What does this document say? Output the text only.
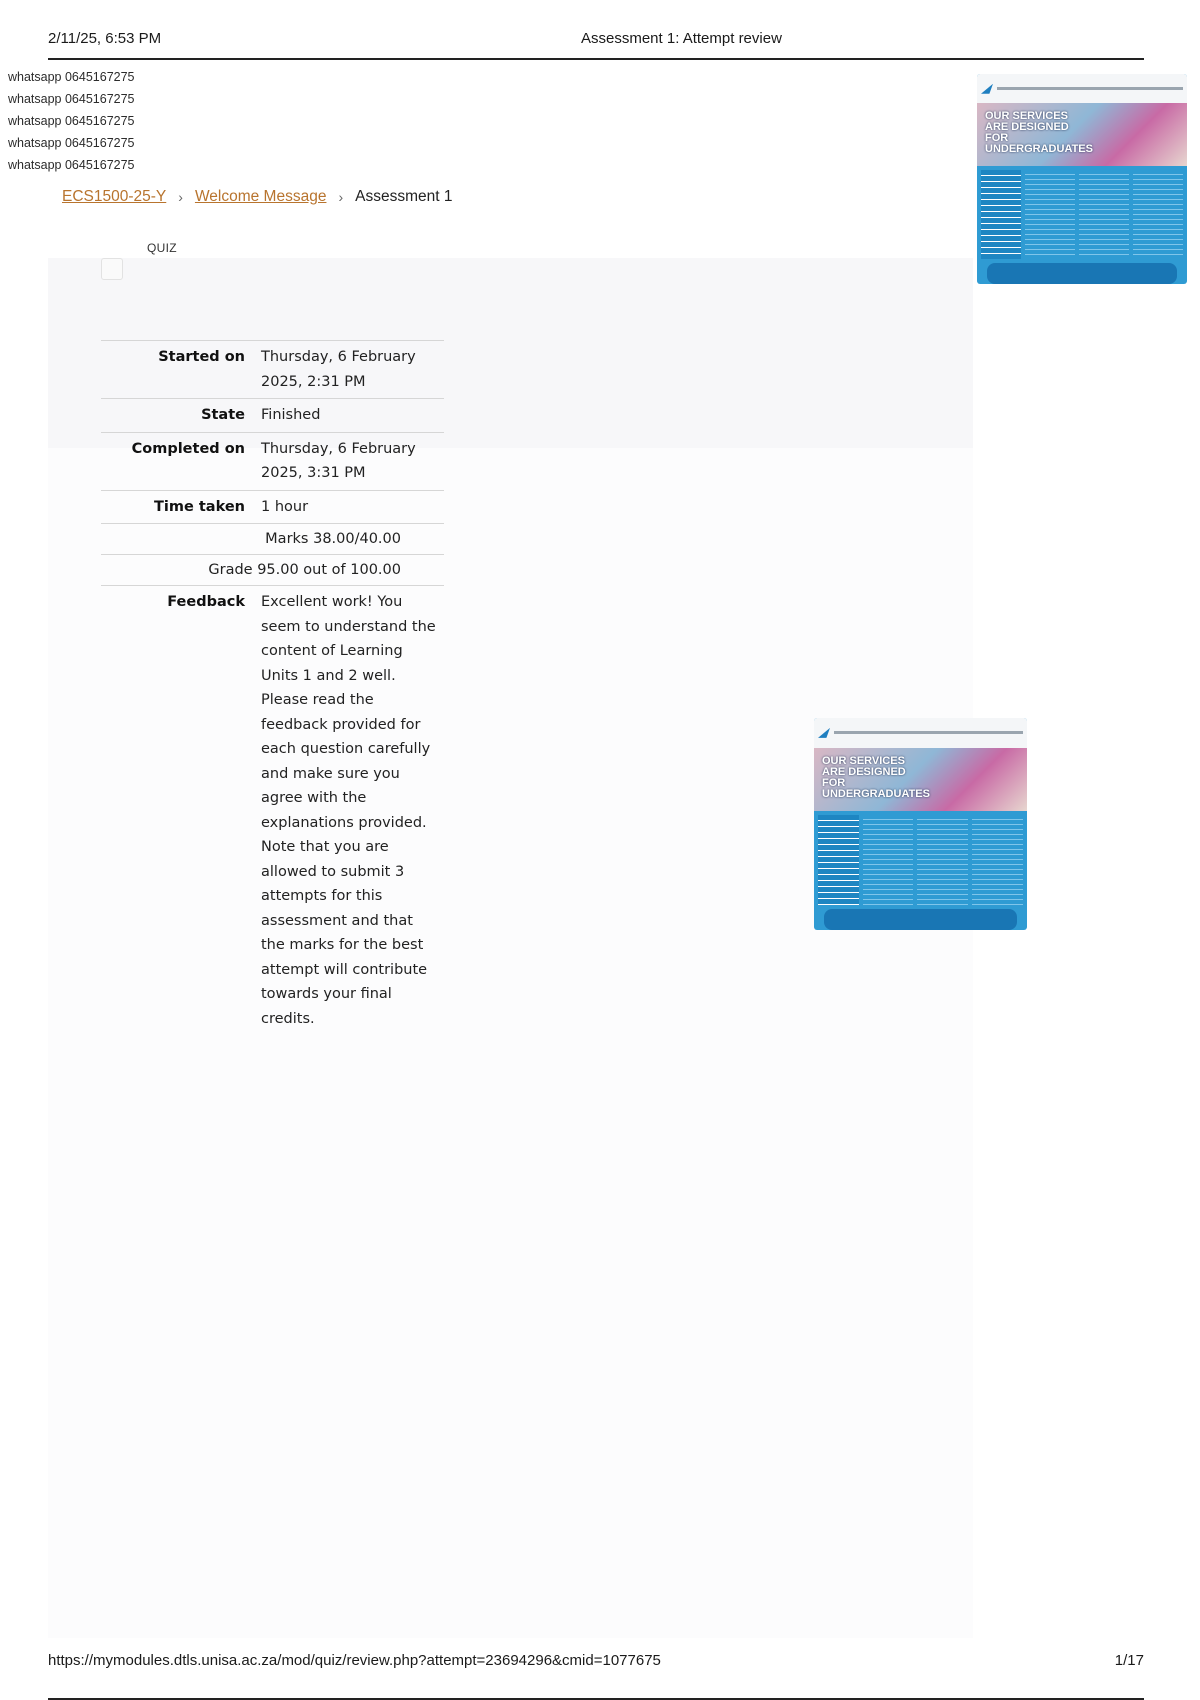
2/11/25, 6:53 PM	Assessment 1: Attempt review
whatsapp 0645167275
whatsapp 0645167275
whatsapp 0645167275
whatsapp 0645167275
whatsapp 0645167275
ECS1500-25-Y › Welcome Message › Assessment 1
QUIZ
Started on	Thursday, 6 February 2025, 2:31 PM
State	Finished
Completed on	Thursday, 6 February 2025, 3:31 PM
Time taken	1 hour
Marks 38.00/40.00	
Grade 95.00 out of 100.00	
Feedback	Excellent work! You seem to understand the content of Learning Units 1 and 2 well. Please read the feedback provided for each question carefully and make sure you agree with the explanations provided. Note that you are allowed to submit 3 attempts for this assessment and that the marks for the best attempt will contribute towards your final credits.
OUR SERVICES ARE DESIGNED FOR UNDERGRADUATES
OUR SERVICES ARE DESIGNED FOR UNDERGRADUATES
https://mymodules.dtls.unisa.ac.za/mod/quiz/review.php?attempt=23694296&cmid=1077675	1/17
